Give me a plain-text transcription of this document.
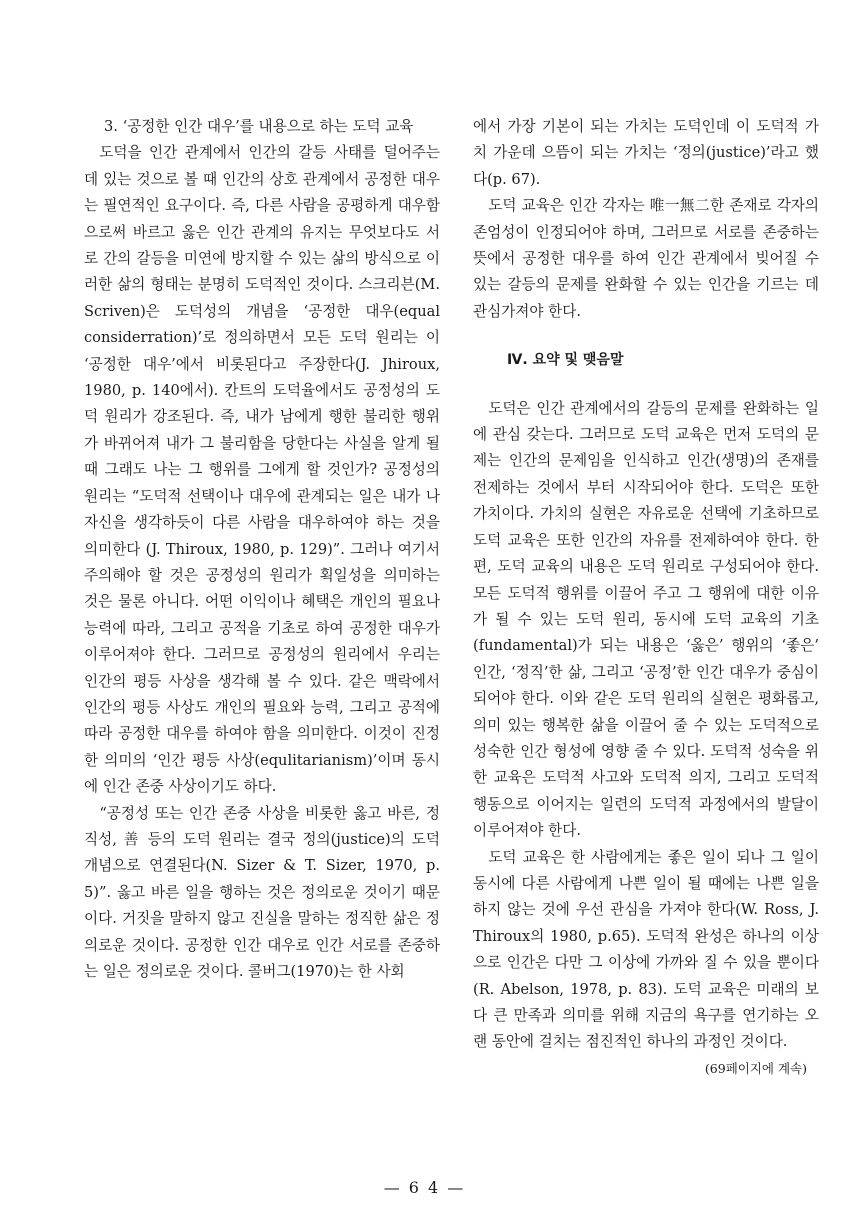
3. ‘공정한 인간 대우’를 내용으로 하는 도덕 교육

도덕을 인간 관계에서 인간의 갈등 사태를 덜어주는 데 있는 것으로 볼 때 인간의 상호 관계에서 공정한 대우는 필연적인 요구이다. 즉, 다른 사람을 공평하게 대우함으로써 바르고 옳은 인간 관계의 유지는 무엇보다도 서로 간의 갈등을 미연에 방지할 수 있는 삶의 방식으로 이러한 삶의 형태는 분명히 도덕적인 것이다. 스크리븐(M. Scriven)은 도덕성의 개념을 ‘공정한 대우(equal considerration)’로 정의하면서 모든 도덕 원리는 이 ‘공정한 대우’에서 비롯된다고 주장한다(J. Jhiroux, 1980, p. 140에서). 칸트의 도덕율에서도 공정성의 도덕 원리가 강조된다. 즉, 내가 남에게 행한 불리한 행위가 바뀌어져 내가 그 불리함을 당한다는 사실을 알게 될 때 그래도 나는 그 행위를 그에게 할 것인가? 공정성의 원리는 “도덕적 선택이나 대우에 관계되는 일은 내가 나 자신을 생각하듯이 다른 사람을 대우하여야 하는 것을 의미한다 (J. Thiroux, 1980, p. 129)”. 그러나 여기서 주의해야 할 것은 공정성의 원리가 획일성을 의미하는 것은 물론 아니다. 어떤 이익이나 혜택은 개인의 필요나 능력에 따라, 그리고 공적을 기초로 하여 공정한 대우가 이루어져야 한다. 그러므로 공정성의 원리에서 우리는 인간의 평등 사상을 생각해 볼 수 있다. 같은 맥락에서 인간의 평등 사상도 개인의 필요와 능력, 그리고 공적에 따라 공정한 대우를 하여야 함을 의미한다. 이것이 진정한 의미의 ‘인간 평등 사상(equlitarianism)’이며 동시에 인간 존중 사상이기도 하다.

“공정성 또는 인간 존중 사상을 비롯한 옳고 바른, 정직성, 善 등의 도덕 원리는 결국 정의(justice)의 도덕 개념으로 연결된다(N. Sizer & T. Sizer, 1970, p. 5)”. 옳고 바른 일을 행하는 것은 정의로운 것이기 때문이다. 거짓을 말하지 않고 진실을 말하는 정직한 삶은 정의로운 것이다. 공정한 인간 대우로 인간 서로를 존중하는 일은 정의로운 것이다. 콜버그(1970)는 한 사회

에서 가장 기본이 되는 가치는 도덕인데 이 도덕적 가치 가운데 으뜸이 되는 가치는 ‘정의(justice)’라고 했다(p. 67).

도덕 교육은 인간 각자는 唯一無二한 존재로 각자의 존엄성이 인정되어야 하며, 그러므로 서로를 존중하는 뜻에서 공정한 대우를 하여 인간 관계에서 빚어질 수 있는 갈등의 문제를 완화할 수 있는 인간을 기르는 데 관심가져야 한다.

Ⅳ. 요약 및 맺음말

도덕은 인간 관계에서의 갈등의 문제를 완화하는 일에 관심 갖는다. 그러므로 도덕 교육은 먼저 도덕의 문제는 인간의 문제임을 인식하고 인간(생명)의 존재를 전제하는 것에서 부터 시작되어야 한다. 도덕은 또한 가치이다. 가치의 실현은 자유로운 선택에 기초하므로 도덕 교육은 또한 인간의 자유를 전제하여야 한다. 한편, 도덕 교육의 내용은 도덕 원리로 구성되어야 한다. 모든 도덕적 행위를 이끌어 주고 그 행위에 대한 이유가 될 수 있는 도덕 원리, 동시에 도덕 교육의 기초(fundamental)가 되는 내용은 ‘옳은’ 행위의 ‘좋은’ 인간, ‘정직’한 삶, 그리고 ‘공정’한 인간 대우가 중심이 되어야 한다. 이와 같은 도덕 원리의 실현은 평화롭고, 의미 있는 행복한 삶을 이끌어 줄 수 있는 도덕적으로 성숙한 인간 형성에 영향 줄 수 있다. 도덕적 성숙을 위한 교육은 도덕적 사고와 도덕적 의지, 그리고 도덕적 행동으로 이어지는 일련의 도덕적 과정에서의 발달이 이루어져야 한다.

도덕 교육은 한 사람에게는 좋은 일이 되나 그 일이 동시에 다른 사람에게 나쁜 일이 될 때에는 나쁜 일을 하지 않는 것에 우선 관심을 가져야 한다(W. Ross, J. Thiroux의 1980, p.65). 도덕적 완성은 하나의 이상으로 인간은 다만 그 이상에 가까와 질 수 있을 뿐이다(R. Abelson, 1978, p. 83). 도덕 교육은 미래의 보다 큰 만족과 의미를 위해 지금의 욕구를 연기하는 오랜 동안에 걸치는 점진적인 하나의 과정인 것이다.

(69페이지에 계속)

— 6 4 —
